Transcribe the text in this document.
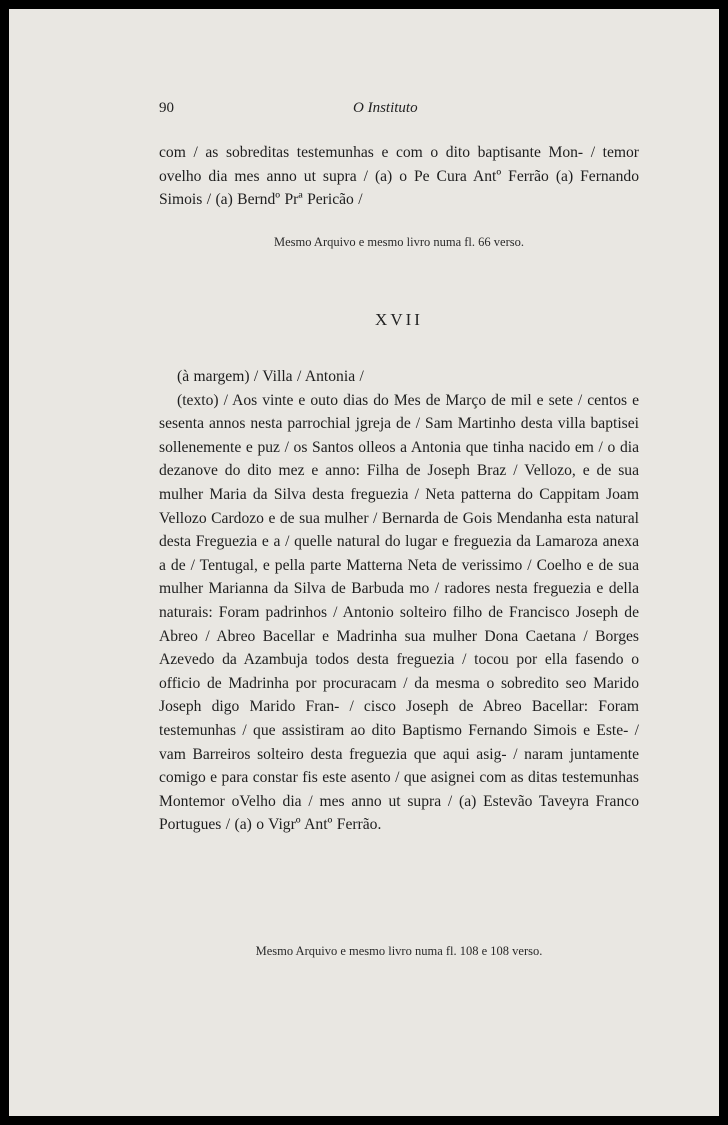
90	O Instituto

com / as sobreditas testemunhas e com o dito baptisante Mon- / temor ovelho dia mes anno ut supra / (a) o Pe Cura Antº Ferrão (a) Fernando Simois / (a) Berndº Prª Pericão /

Mesmo Arquivo e mesmo livro numa fl. 66 verso.
XVII

(à margem) / Villa / Antonia /

(texto) / Aos vinte e outo dias do Mes de Março de mil e sete / centos e sesenta annos nesta parrochial jgreja de / Sam Martinho desta villa baptisei sollenemente e puz / os Santos olleos a Antonia que tinha nacido em / o dia dezanove do dito mez e anno: Filha de Joseph Braz / Vellozo, e de sua mulher Maria da Silva desta freguezia / Neta patterna do Cappitam Joam Vellozo Cardozo e de sua mulher / Bernarda de Gois Mendanha esta natural desta Freguezia e a / quelle natural do lugar e freguezia da Lamaroza anexa a de / Tentugal, e pella parte Matterna Neta de verissimo / Coelho e de sua mulher Marianna da Silva de Barbuda mo / radores nesta freguezia e della naturais: Foram padrinhos / Antonio solteiro filho de Francisco Joseph de Abreo / Abreo Bacellar e Madrinha sua mulher Dona Caetana / Borges Azevedo da Azambuja todos desta freguezia / tocou por ella fasendo o officio de Madrinha por procuracam / da mesma o sobredito seo Marido Joseph digo Marido Fran- / cisco Joseph de Abreo Bacellar: Foram testemunhas / que assistiram ao dito Baptismo Fernando Simois e Este- / vam Barreiros solteiro desta freguezia que aqui asig- / naram juntamente comigo e para constar fis este asento / que asignei com as ditas testemunhas Montemor oVelho dia / mes anno ut supra / (a) Estevão Taveyra Franco Portugues / (a) o Vigrº Antº Ferrão.

Mesmo Arquivo e mesmo livro numa fl. 108 e 108 verso.
